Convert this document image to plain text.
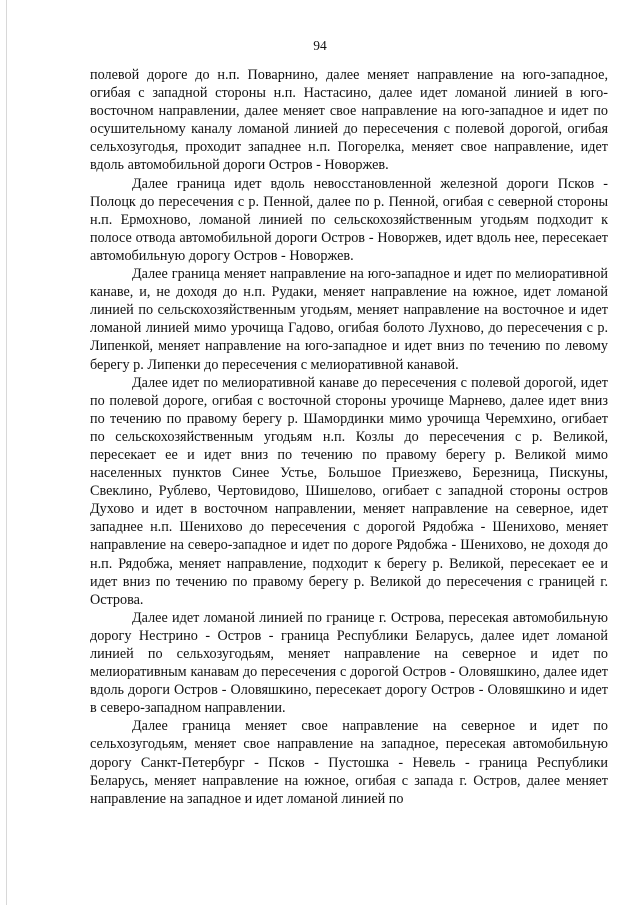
94

полевой дороге до н.п. Поварнино, далее меняет направление на юго-западное, огибая с западной стороны н.п. Настасино, далее идет ломаной линией в юго-восточном направлении, далее меняет свое направление на юго-западное и идет по осушительному каналу ломаной линией до пересечения с полевой дорогой, огибая сельхозугодья, проходит западнее н.п. Погорелка, меняет свое направление, идет вдоль автомобильной дороги Остров - Новоржев.

Далее граница идет вдоль невосстановленной железной дороги Псков - Полоцк до пересечения с р. Пенной, далее по р. Пенной, огибая с северной стороны н.п. Ермохново, ломаной линией по сельскохозяйственным угодьям подходит к полосе отвода автомобильной дороги Остров - Новоржев, идет вдоль нее, пересекает автомобильную дорогу Остров - Новоржев.

Далее граница меняет направление на юго-западное и идет по мелиоративной канаве, и, не доходя до н.п. Рудаки, меняет направление на южное, идет ломаной линией по сельскохозяйственным угодьям, меняет направление на восточное и идет ломаной линией мимо урочища Гадово, огибая болото Лухново, до пересечения с р. Липенкой, меняет направление на юго-западное и идет вниз по течению по левому берегу р. Липенки до пересечения с мелиоративной канавой.

Далее идет по мелиоративной канаве до пересечения с полевой дорогой, идет по полевой дороге, огибая с восточной стороны урочище Марнево, далее идет вниз по течению по правому берегу р. Шамординки мимо урочища Черемхино, огибает по сельскохозяйственным угодьям н.п. Козлы до пересечения с р. Великой, пересекает ее и идет вниз по течению по правому берегу р. Великой мимо населенных пунктов Синее Устье, Большое Приезжево, Березница, Пискуны, Свеклино, Рублево, Чертовидово, Шишелово, огибает с западной стороны остров Духово и идет в восточном направлении, меняет направление на северное, идет западнее н.п. Шенихово до пересечения с дорогой Рядобжа - Шенихово, меняет направление на северо-западное и идет по дороге Рядобжа - Шенихово, не доходя до н.п. Рядобжа, меняет направление, подходит к берегу р. Великой, пересекает ее и идет вниз по течению по правому берегу р. Великой до пересечения с границей г. Острова.

Далее идет ломаной линией по границе г. Острова, пересекая автомобильную дорогу Нестрино - Остров - граница Республики Беларусь, далее идет ломаной линией по сельхозугодьям, меняет направление на северное и идет по мелиоративным канавам до пересечения с дорогой Остров - Оловяшкино, далее идет вдоль дороги Остров - Оловяшкино, пересекает дорогу Остров - Оловяшкино и идет в северо-западном направлении.

Далее граница меняет свое направление на северное и идет по сельхозугодьям, меняет свое направление на западное, пересекая автомобильную дорогу Санкт-Петербург - Псков - Пустошка - Невель - граница Республики Беларусь, меняет направление на южное, огибая с запада г. Остров, далее меняет направление на западное и идет ломаной линией по
